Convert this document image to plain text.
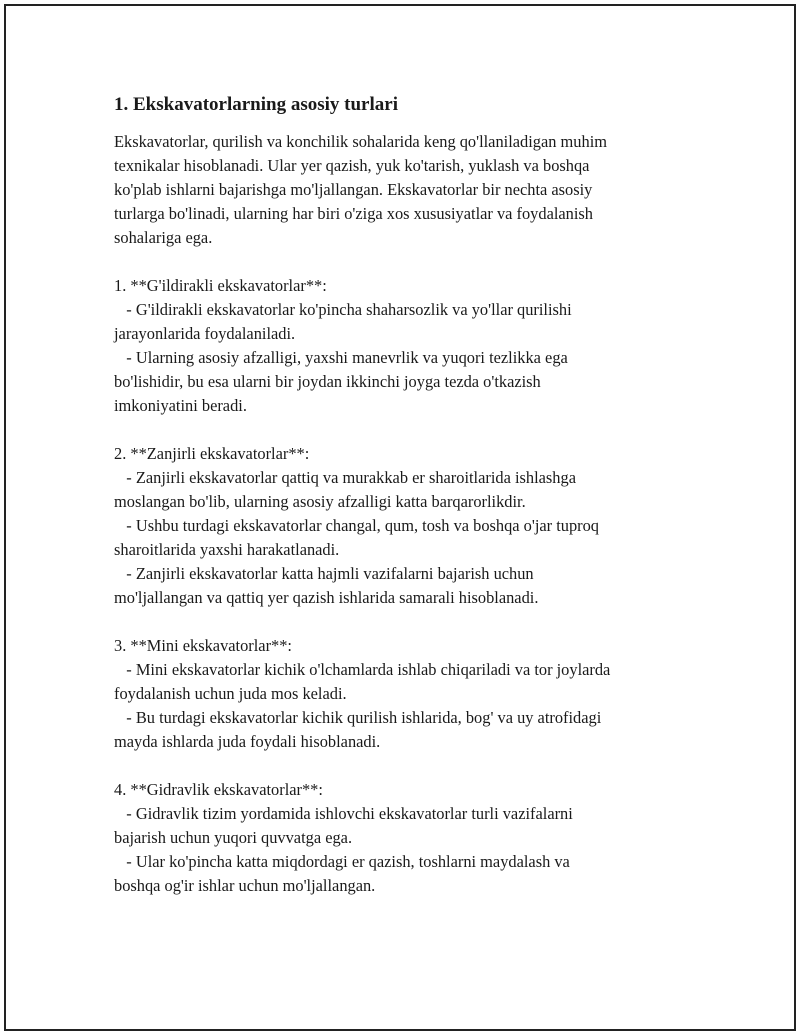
1. Ekskavatorlarning asosiy turlari
Ekskavatorlar, qurilish va konchilik sohalarida keng qo'llaniladigan muhim
texnikalar hisoblanadi. Ular yer qazish, yuk ko'tarish, yuklash va boshqa
ko'plab ishlarni bajarishga mo'ljallangan. Ekskavatorlar bir nechta asosiy
turlarga bo'linadi, ularning har biri o'ziga xos xususiyatlar va foydalanish
sohalariga ega.
1. **G'ildirakli ekskavatorlar**:
- G'ildirakli ekskavatorlar ko'pincha shaharsozlik va yo'llar qurilishi
jarayonlarida foydalaniladi.
- Ularning asosiy afzalligi, yaxshi manevrlik va yuqori tezlikka ega
bo'lishidir, bu esa ularni bir joydan ikkinchi joyga tezda o'tkazish
imkoniyatini beradi.
2. **Zanjirli ekskavatorlar**:
- Zanjirli ekskavatorlar qattiq va murakkab er sharoitlarida ishlashga
moslangan bo'lib, ularning asosiy afzalligi katta barqarorlikdir.
- Ushbu turdagi ekskavatorlar changal, qum, tosh va boshqa o'jar tuproq
sharoitlarida yaxshi harakatlanadi.
- Zanjirli ekskavatorlar katta hajmli vazifalarni bajarish uchun
mo'ljallangan va qattiq yer qazish ishlarida samarali hisoblanadi.
3. **Mini ekskavatorlar**:
- Mini ekskavatorlar kichik o'lchamlarda ishlab chiqariladi va tor joylarda
foydalanish uchun juda mos keladi.
- Bu turdagi ekskavatorlar kichik qurilish ishlarida, bog' va uy atrofidagi
mayda ishlarda juda foydali hisoblanadi.
4. **Gidravlik ekskavatorlar**:
- Gidravlik tizim yordamida ishlovchi ekskavatorlar turli vazifalarni
bajarish uchun yuqori quvvatga ega.
- Ular ko'pincha katta miqdordagi er qazish, toshlarni maydalash va
boshqa og'ir ishlar uchun mo'ljallangan.
